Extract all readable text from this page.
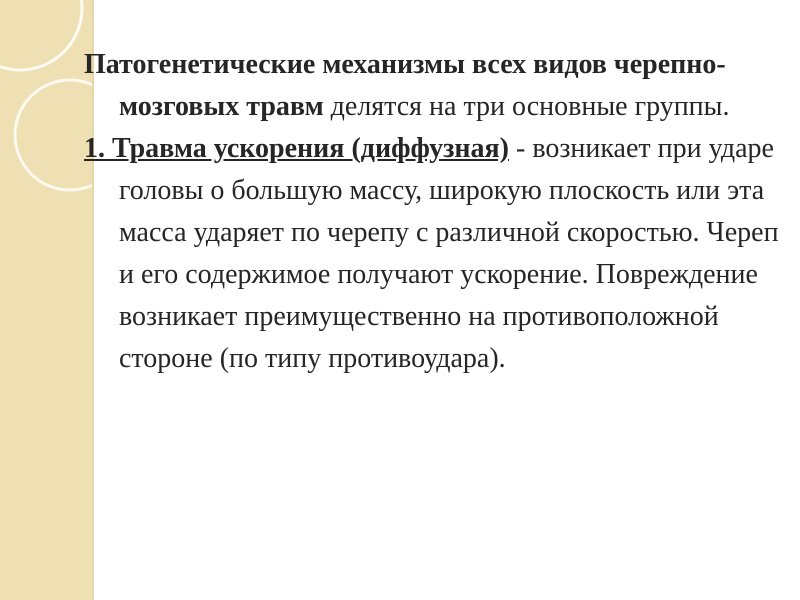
Патогенетические механизмы всех видов черепно-мозговых травм делятся на три основные группы.

1. Травма ускорения (диффузная) - возникает при ударе головы о большую массу, широкую плоскость или эта масса ударяет по черепу с различной скоростью. Череп и его содержимое получают ускорение. Повреждение возникает преимущественно на противоположной стороне (по типу противоудара).
